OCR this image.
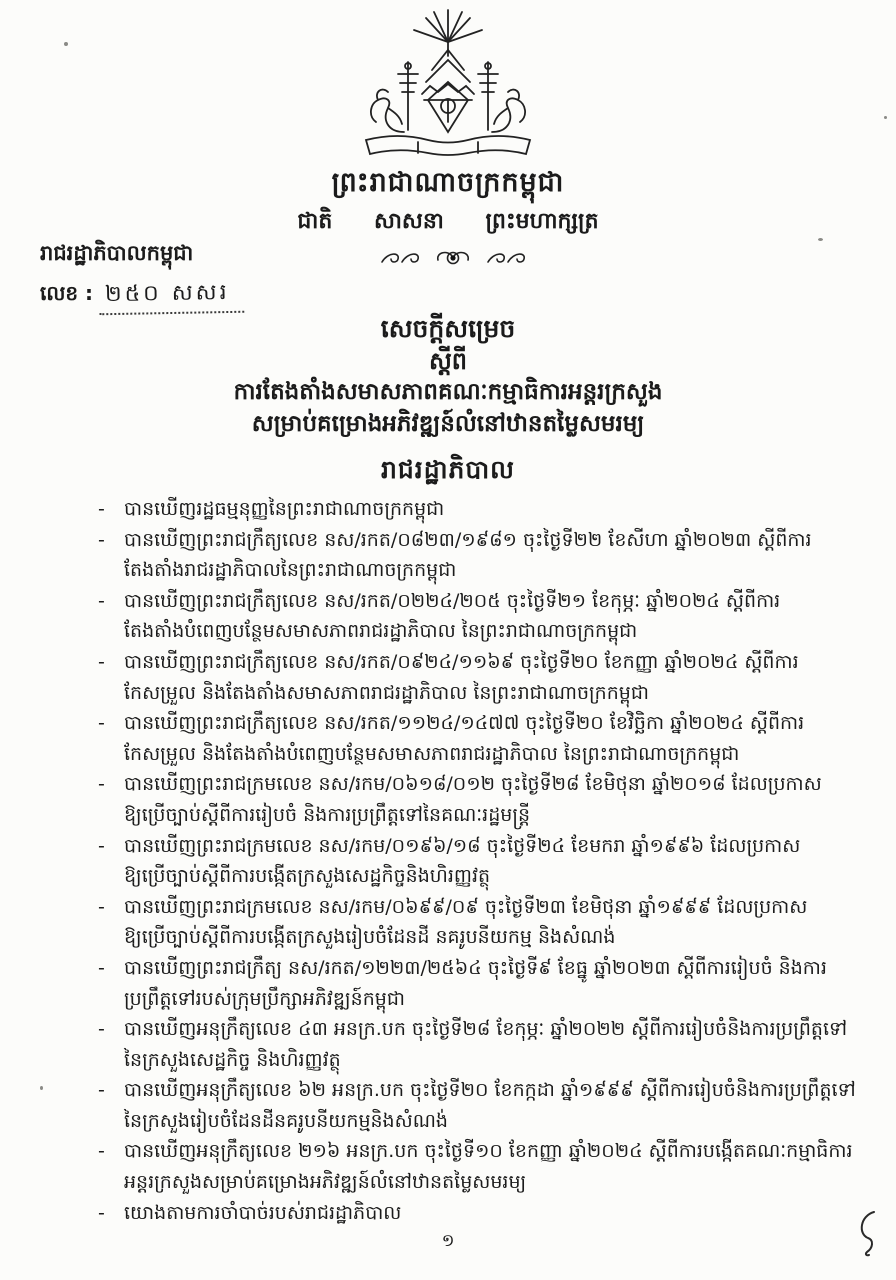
ព្រះរាជាណាចក្រកម្ពុជា
ជាតិ សាសនា ព្រះមហាក្សត្រ
រាជរដ្ឋាភិបាលកម្ពុជា
លេខ : ២៥០ សសរ
សេចក្តីសម្រេច
ស្តីពី
ការតែងតាំងសមាសភាពគណៈកម្មាធិការអន្តរក្រសួង
សម្រាប់គម្រោងអភិវឌ្ឍន៍លំនៅឋានតម្លៃសមរម្យ
រាជរដ្ឋាភិបាល
-	បានឃើញរដ្ឋធម្មនុញ្ញនៃព្រះរាជាណាចក្រកម្ពុជា
-	បានឃើញព្រះរាជក្រឹត្យលេខ នស/រកត/០៨២៣/១៩៨១ ចុះថ្ងៃទី២២ ខែសីហា ឆ្នាំ២០២៣ ស្តីពីការ
តែងតាំងរាជរដ្ឋាភិបាលនៃព្រះរាជាណាចក្រកម្ពុជា
-	បានឃើញព្រះរាជក្រឹត្យលេខ នស/រកត/០២២៤/២០៥ ចុះថ្ងៃទី២១ ខែកុម្ភៈ ឆ្នាំ២០២៤ ស្តីពីការ
តែងតាំងបំពេញបន្ថែមសមាសភាពរាជរដ្ឋាភិបាល នៃព្រះរាជាណាចក្រកម្ពុជា
-	បានឃើញព្រះរាជក្រឹត្យលេខ នស/រកត/០៩២៤/១១៦៩ ចុះថ្ងៃទី២០ ខែកញ្ញា ឆ្នាំ២០២៤ ស្តីពីការ
កែសម្រួល និងតែងតាំងសមាសភាពរាជរដ្ឋាភិបាល នៃព្រះរាជាណាចក្រកម្ពុជា
-	បានឃើញព្រះរាជក្រឹត្យលេខ នស/រកត/១១២៤/១៤៧៧ ចុះថ្ងៃទី២០ ខែវិច្ឆិកា ឆ្នាំ២០២៤ ស្តីពីការ
កែសម្រួល និងតែងតាំងបំពេញបន្ថែមសមាសភាពរាជរដ្ឋាភិបាល នៃព្រះរាជាណាចក្រកម្ពុជា
-	បានឃើញព្រះរាជក្រមលេខ នស/រកម/០៦១៨/០១២ ចុះថ្ងៃទី២៨ ខែមិថុនា ឆ្នាំ២០១៨ ដែលប្រកាស
ឱ្យប្រើច្បាប់ស្តីពីការរៀបចំ និងការប្រព្រឹត្តទៅនៃគណៈរដ្ឋមន្ត្រី
-	បានឃើញព្រះរាជក្រមលេខ នស/រកម/០១៩៦/១៨ ចុះថ្ងៃទី២៤ ខែមករា ឆ្នាំ១៩៩៦ ដែលប្រកាស
ឱ្យប្រើច្បាប់ស្តីពីការបង្កើតក្រសួងសេដ្ឋកិច្ចនិងហិរញ្ញវត្ថុ
-	បានឃើញព្រះរាជក្រមលេខ នស/រកម/០៦៩៩/០៩ ចុះថ្ងៃទី២៣ ខែមិថុនា ឆ្នាំ១៩៩៩ ដែលប្រកាស
ឱ្យប្រើច្បាប់ស្តីពីការបង្កើតក្រសួងរៀបចំដែនដី នគរូបនីយកម្ម និងសំណង់
-	បានឃើញព្រះរាជក្រឹត្យ នស/រកត/១២២៣/២៥៦៤ ចុះថ្ងៃទី៩ ខែធ្នូ ឆ្នាំ២០២៣ ស្តីពីការរៀបចំ និងការ
ប្រព្រឹត្តទៅរបស់ក្រុមប្រឹក្សាអភិវឌ្ឍន៍កម្ពុជា
-	បានឃើញអនុក្រឹត្យលេខ ៤៣ អនក្រ.បក ចុះថ្ងៃទី២៨ ខែកុម្ភៈ ឆ្នាំ២០២២ ស្តីពីការរៀបចំនិងការប្រព្រឹត្តទៅ
នៃក្រសួងសេដ្ឋកិច្ច និងហិរញ្ញវត្ថុ
-	បានឃើញអនុក្រឹត្យលេខ ៦២ អនក្រ.បក ចុះថ្ងៃទី២០ ខែកក្កដា ឆ្នាំ១៩៩៩ ស្តីពីការរៀបចំនិងការប្រព្រឹត្តទៅ
នៃក្រសួងរៀបចំដែនដីនគរូបនីយកម្មនិងសំណង់
-	បានឃើញអនុក្រឹត្យលេខ ២១៦ អនក្រ.បក ចុះថ្ងៃទី១០ ខែកញ្ញា ឆ្នាំ២០២៤ ស្តីពីការបង្កើតគណៈកម្មាធិការ
អន្តរក្រសួងសម្រាប់គម្រោងអភិវឌ្ឍន៍លំនៅឋានតម្លៃសមរម្យ
-	យោងតាមការចាំបាច់របស់រាជរដ្ឋាភិបាល
១
